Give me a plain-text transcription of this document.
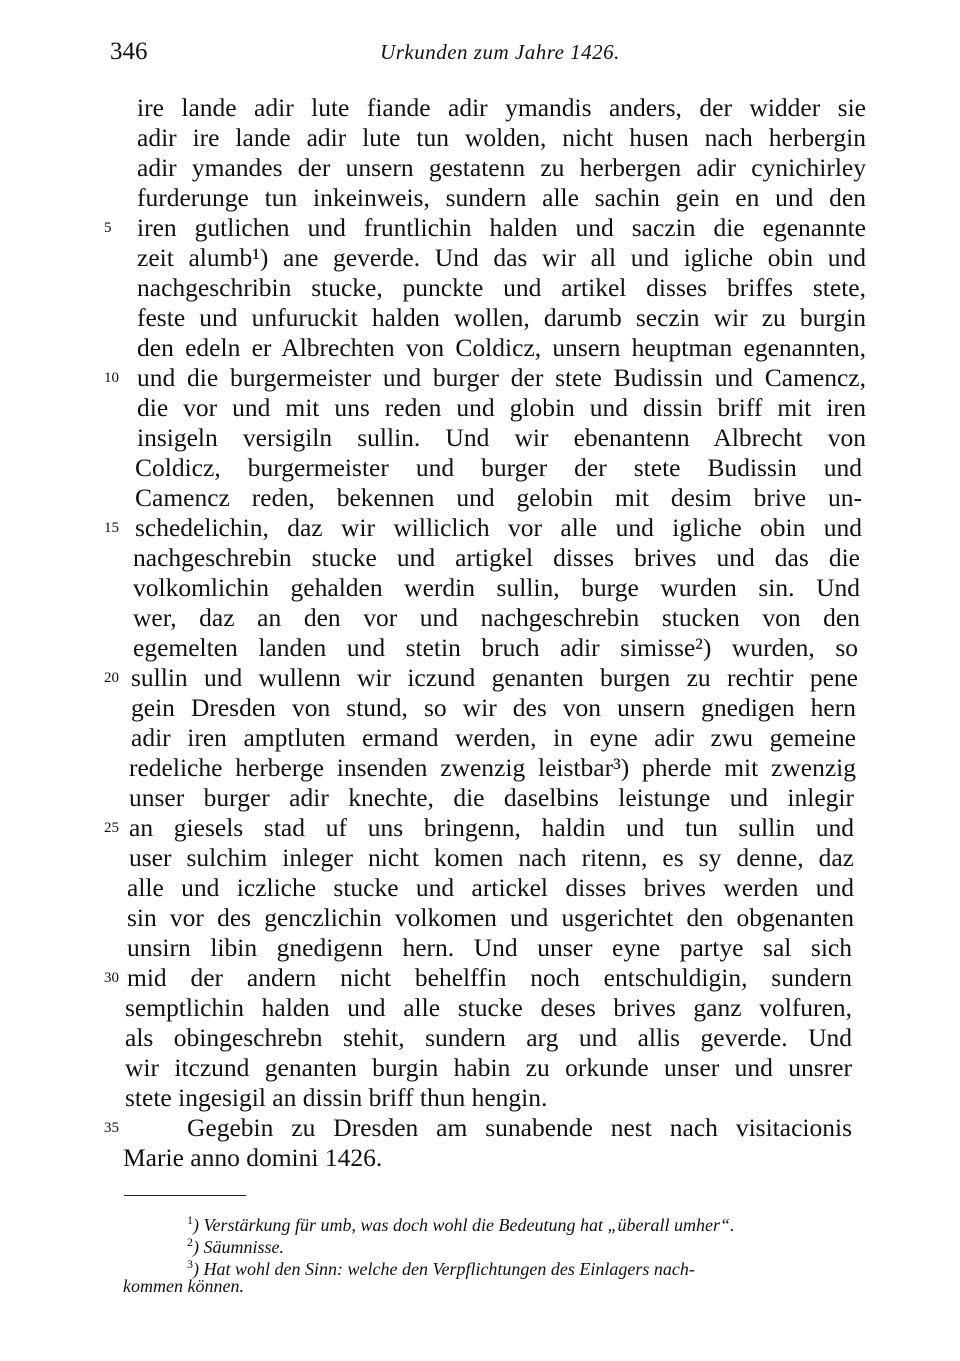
346	Urkunden zum Jahre 1426.
ire lande adir lute fiande adir ymandis anders, der widder sie
adir ire lande adir lute tun wolden, nicht husen nach herbergin
adir ymandes der unsern gestatenn zu herbergen adir cynichirley
furderunge tun inkeinweis, sundern alle sachin gein en und den
5 iren gutlichen und fruntlichin halden und saczin die egenannte
zeit alumb¹) ane geverde. Und das wir all und igliche obin und
nachgeschribin stucke, punckte und artikel disses briffes stete,
feste und unfuruckit halden wollen, darumb seczin wir zu burgin
den edeln er Albrechten von Coldicz, unsern heuptman egenannten,
10 und die burgermeister und burger der stete Budissin und Camencz,
die vor und mit uns reden und globin und dissin briff mit iren
insigeln versigiln sullin. Und wir ebenantenn Albrecht von
Coldicz, burgermeister und burger der stete Budissin und
Camencz reden, bekennen und gelobin mit desim brive un-
15 schedelichin, daz wir williclich vor alle und igliche obin und
nachgeschrebin stucke und artigkel disses brives und das die
volkomlichin gehalden werdin sullin, burge wurden sin. Und
wer, daz an den vor und nachgeschrebin stucken von den
egemelten landen und stetin bruch adir simisse²) wurden, so
20 sullin und wullenn wir iczund genanten burgen zu rechtir pene
gein Dresden von stund, so wir des von unsern gnedigen hern
adir iren amptluten ermand werden, in eyne adir zwu gemeine
redeliche herberge insenden zwenzig leistbar³) pherde mit zwenzig
unser burger adir knechte, die daselbins leistunge und inlegir
25 an giesels stad uf uns bringenn, haldin und tun sullin und
user sulchim inleger nicht komen nach ritenn, es sy denne, daz
alle und iczliche stucke und artickel disses brives werden und
sin vor des genczlichin volkomen und usgerichtet den obgenanten
unsirn libin gnedigenn hern. Und unser eyne partye sal sich
30 mid der andern nicht behelffin noch entschuldigin, sundern
semptlichin halden und alle stucke deses brives ganz volfuren,
als obingeschrebn stehit, sundern arg und allis geverde. Und
wir itczund genanten burgin habin zu orkunde unser und unsrer
stete ingesigil an dissin briff thun hengin.
35	Gegebin zu Dresden am sunabende nest nach visitacionis
Marie anno domini 1426.
$^1$) Verstärkung für umb, was doch wohl die Bedeutung hat „überall umher“.
$^2$) Säumnisse.
$^3$) Hat wohl den Sinn: welche den Verpflichtungen des Einlagers nach-
kommen können.
